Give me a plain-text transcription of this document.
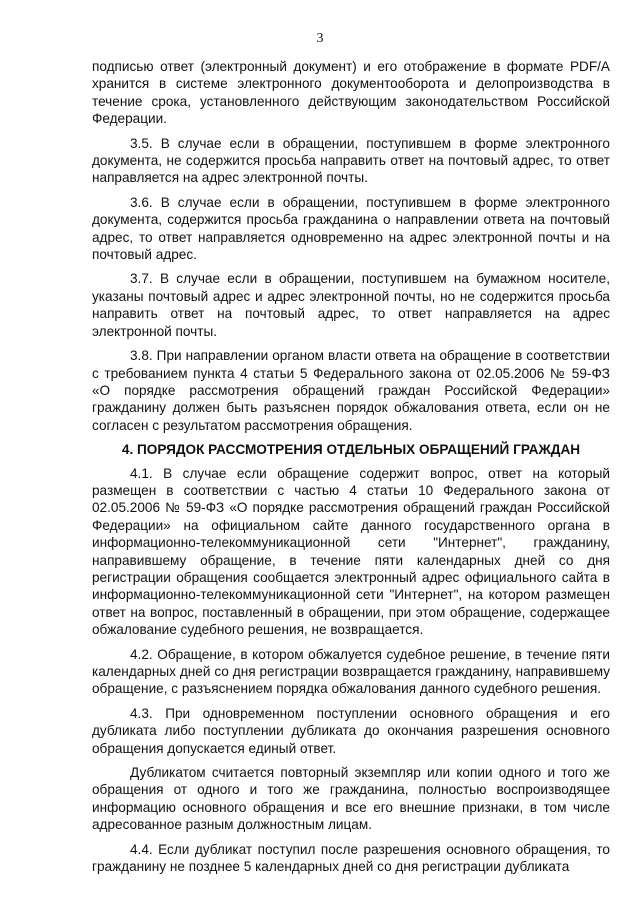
3

подписью ответ (электронный документ) и его отображение в формате PDF/A хранится в системе электронного документооборота и делопроизводства в течение срока, установленного действующим законодательством Российской Федерации.

3.5. В случае если в обращении, поступившем в форме электронного документа, не содержится просьба направить ответ на почтовый адрес, то ответ направляется на адрес электронной почты.

3.6. В случае если в обращении, поступившем в форме электронного документа, содержится просьба гражданина о направлении ответа на почтовый адрес, то ответ направляется одновременно на адрес электронной почты и на почтовый адрес.

3.7. В случае если в обращении, поступившем на бумажном носителе, указаны почтовый адрес и адрес электронной почты, но не содержится просьба направить ответ на почтовый адрес, то ответ направляется на адрес электронной почты.

3.8. При направлении органом власти ответа на обращение в соответствии с требованием пункта 4 статьи 5 Федерального закона от 02.05.2006 № 59-ФЗ «О порядке рассмотрения обращений граждан Российской Федерации» гражданину должен быть разъяснен порядок обжалования ответа, если он не согласен с результатом рассмотрения обращения.

4. ПОРЯДОК РАССМОТРЕНИЯ ОТДЕЛЬНЫХ ОБРАЩЕНИЙ ГРАЖДАН

4.1. В случае если обращение содержит вопрос, ответ на который размещен в соответствии с частью 4 статьи 10 Федерального закона от 02.05.2006 № 59-ФЗ «О порядке рассмотрения обращений граждан Российской Федерации» на официальном сайте данного государственного органа в информационно-телекоммуникационной сети "Интернет", гражданину, направившему обращение, в течение пяти календарных дней со дня регистрации обращения сообщается электронный адрес официального сайта в информационно-телекоммуникационной сети "Интернет", на котором размещен ответ на вопрос, поставленный в обращении, при этом обращение, содержащее обжалование судебного решения, не возвращается.

4.2. Обращение, в котором обжалуется судебное решение, в течение пяти календарных дней со дня регистрации возвращается гражданину, направившему обращение, с разъяснением порядка обжалования данного судебного решения.

4.3. При одновременном поступлении основного обращения и его дубликата либо поступлении дубликата до окончания разрешения основного обращения допускается единый ответ.

Дубликатом считается повторный экземпляр или копии одного и того же обращения от одного и того же гражданина, полностью воспроизводящее информацию основного обращения и все его внешние признаки, в том числе адресованное разным должностным лицам.

4.4. Если дубликат поступил после разрешения основного обращения, то гражданину не позднее 5 календарных дней со дня регистрации дубликата
